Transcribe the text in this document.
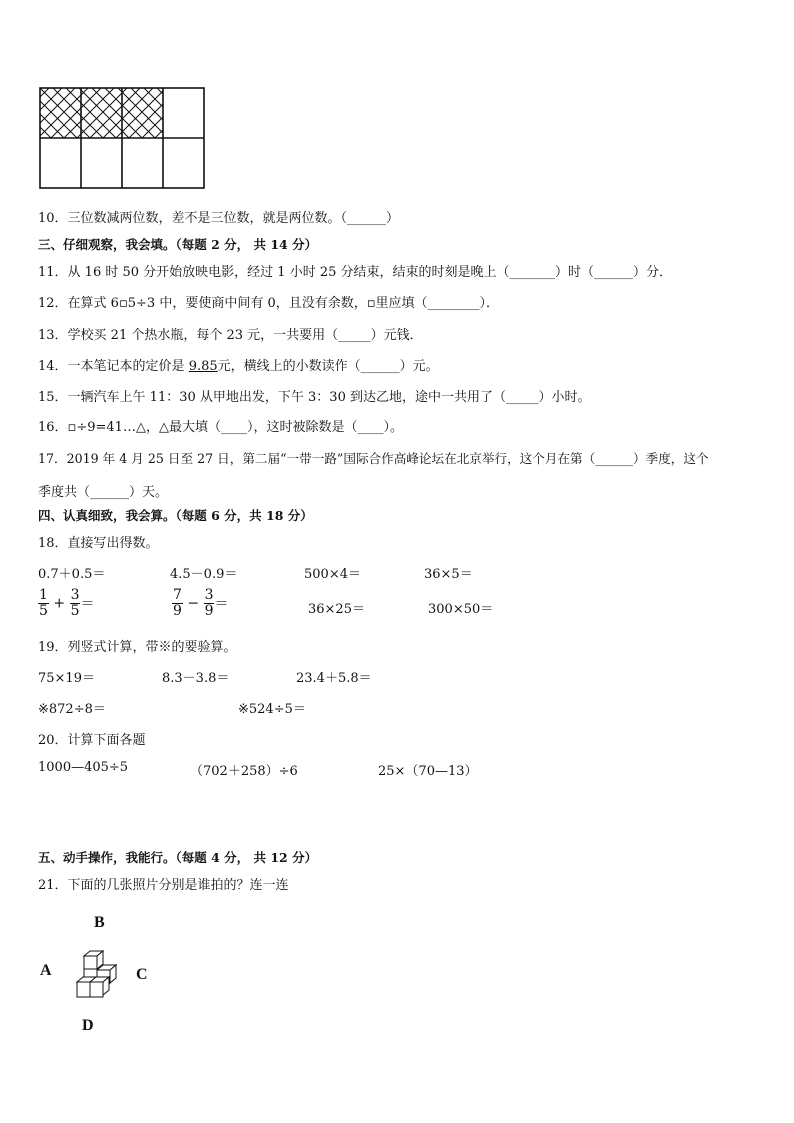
10．三位数减两位数，差不是三位数，就是两位数。（______）
三、仔细观察，我会填。（每题 2 分， 共 14 分）
11．从 16 时 50 分开始放映电影，经过 1 小时 25 分结束，结束的时刻是晚上（_______）时（______）分．
12．在算式 6▫5÷3 中，要使商中间有 0，且没有余数，▫里应填（________）．
13．学校买 21 个热水瓶，每个 23 元，一共要用（_____）元钱．
14．一本笔记本的定价是 9.85元，横线上的小数读作（______）元。
15．一辆汽车上午 11：30 从甲地出发，下午 3：30 到达乙地，途中一共用了（_____）小时。
16．▫÷9=41…△，△最大填（____），这时被除数是（____）。
17．2019 年 4 月 25 日至 27 日，第二届“一带一路”国际合作高峰论坛在北京举行，这个月在第（______）季度，这个
季度共（______）天。
四、认真细致，我会算。（每题 6 分，共 18 分）
18．直接写出得数。
0.7＋0.5＝	4.5－0.9＝	500×4＝	36×5＝
$\frac{1}{5} + \frac{3}{5}$ ＝	$\frac{7}{9} - \frac{3}{9}$ ＝	36×25＝	300×50＝
19．列竖式计算，带※的要验算。
75×19＝	8.3－3.8＝	23.4＋5.8＝
※872÷8＝	※524÷5＝
20．计算下面各题
1000—405÷5	（702＋258）÷6	25×（70—13）
五、动手操作，我能行。（每题 4 分， 共 12 分）
21．下面的几张照片分别是谁拍的？连一连
B
A	C
D
